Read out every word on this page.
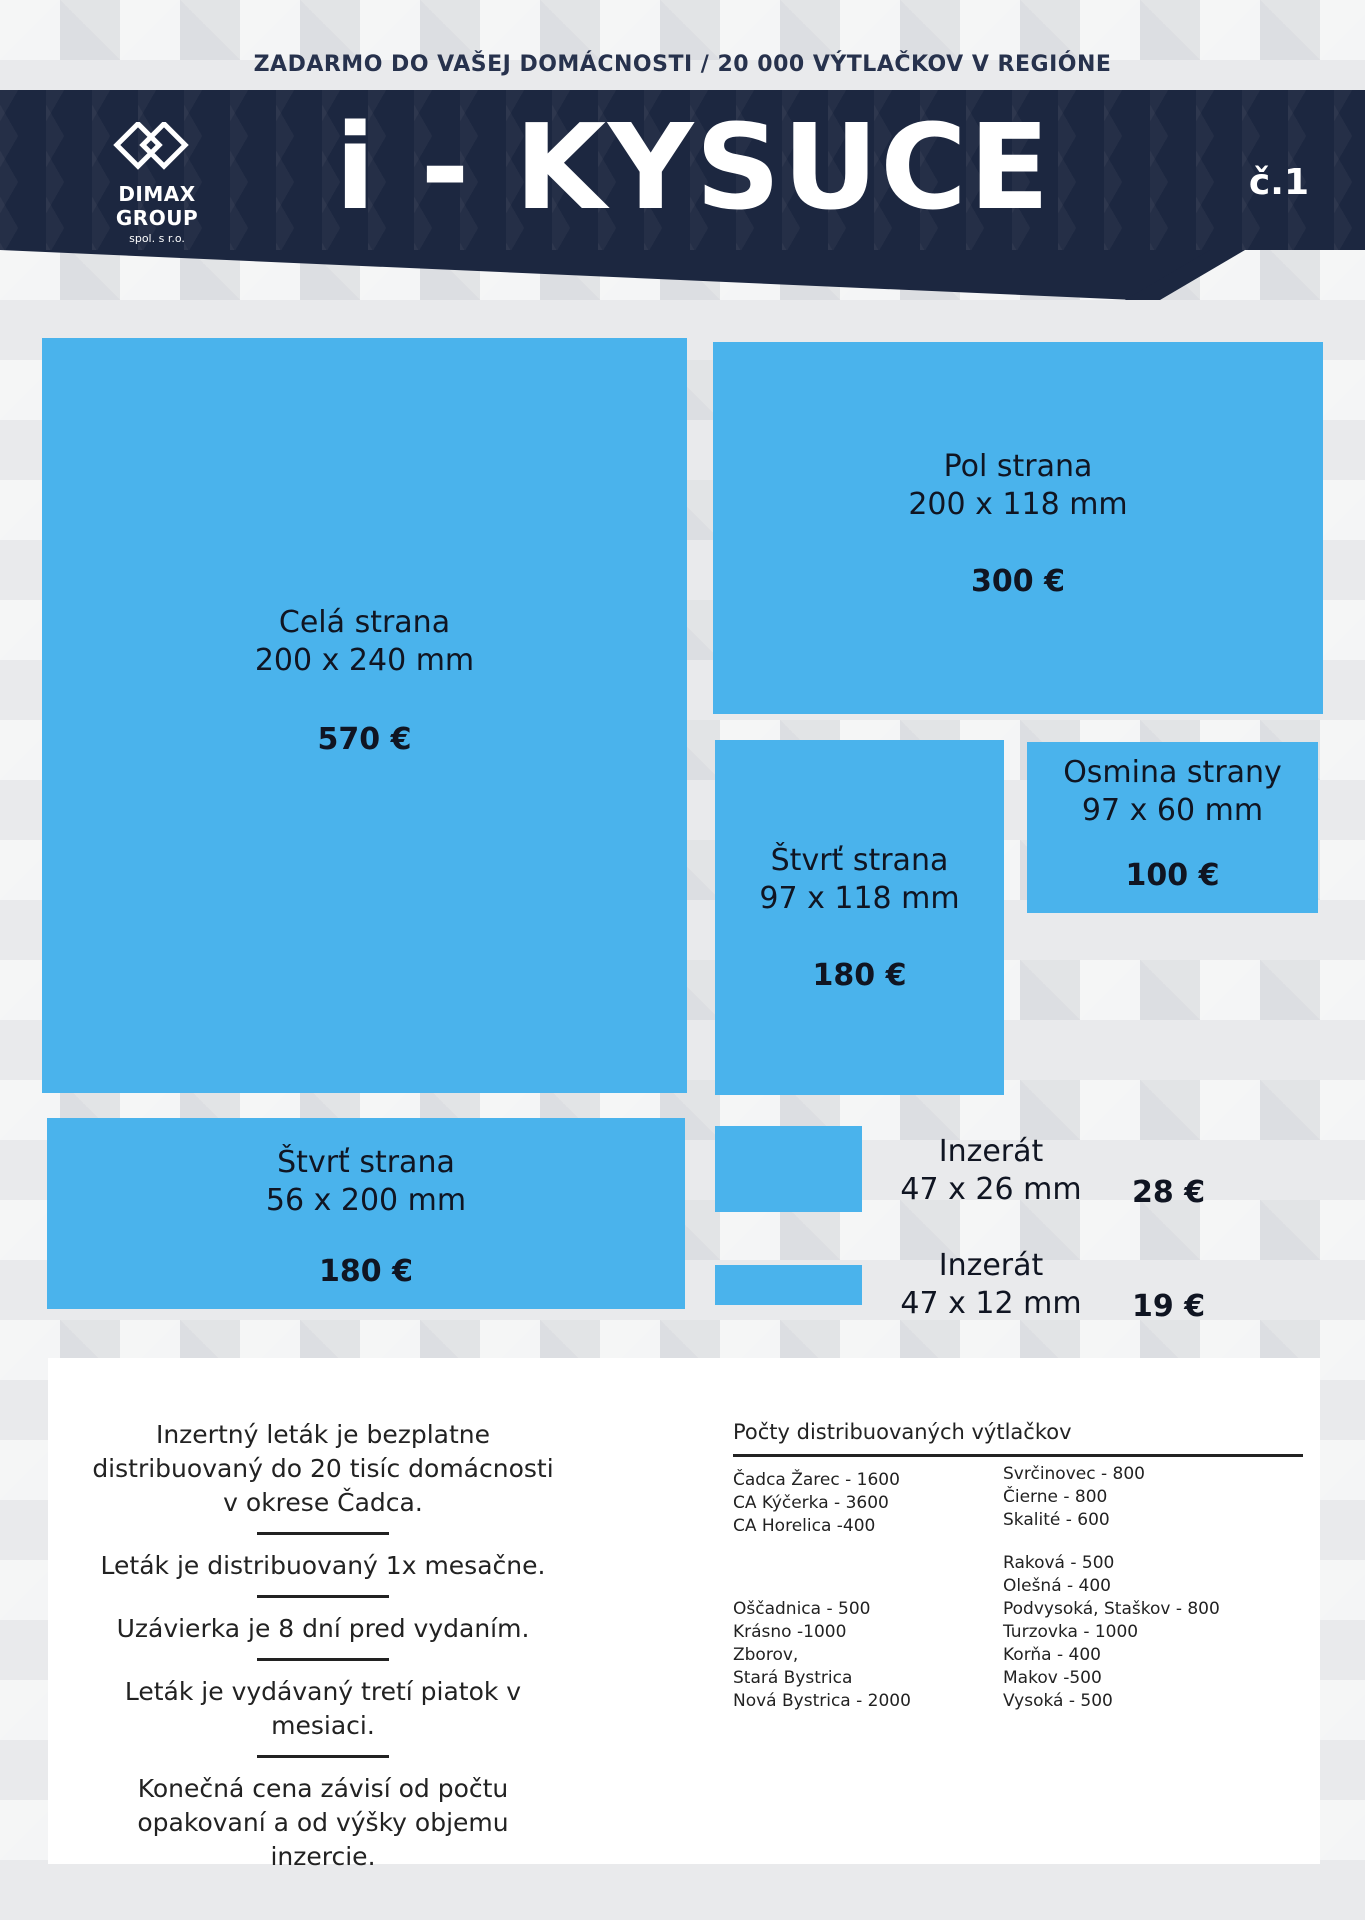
ZADARMO DO VAŠEJ DOMÁCNOSTI / 20 000 VÝTLAČKOV V REGIÓNE
DIMAX GROUP
spol. s r.o.
i - KYSUCE	č.1
Celá strana
200 x 240 mm
570 €
Pol strana
200 x 118 mm
300 €
Štvrť strana
97 x 118 mm
180 €
Osmina strany
97 x 60 mm
100 €
Štvrť strana
56 x 200 mm
180 €
Inzerát
47 x 26 mm	28 €
Inzerát
47 x 12 mm	19 €
Inzertný leták je bezplatne distribuovaný do 20 tisíc domácnosti v okrese Čadca.
Leták je distribuovaný 1x mesačne.
Uzávierka je 8 dní pred vydaním.
Leták je vydávaný tretí piatok v mesiaci.
Konečná cena závisí od počtu opakovaní a od výšky objemu inzercie.
Počty distribuovaných výtlačkov
Čadca Žarec - 1600
CA Kýčerka - 3600
CA Horelica -400
Oščadnica - 500
Krásno -1000
Zborov,
Stará Bystrica
Nová Bystrica - 2000
Svrčinovec - 800
Čierne - 800
Skalité - 600
Raková - 500
Olešná - 400
Podvysoká, Staškov - 800
Turzovka - 1000
Korňa - 400
Makov -500
Vysoká - 500
